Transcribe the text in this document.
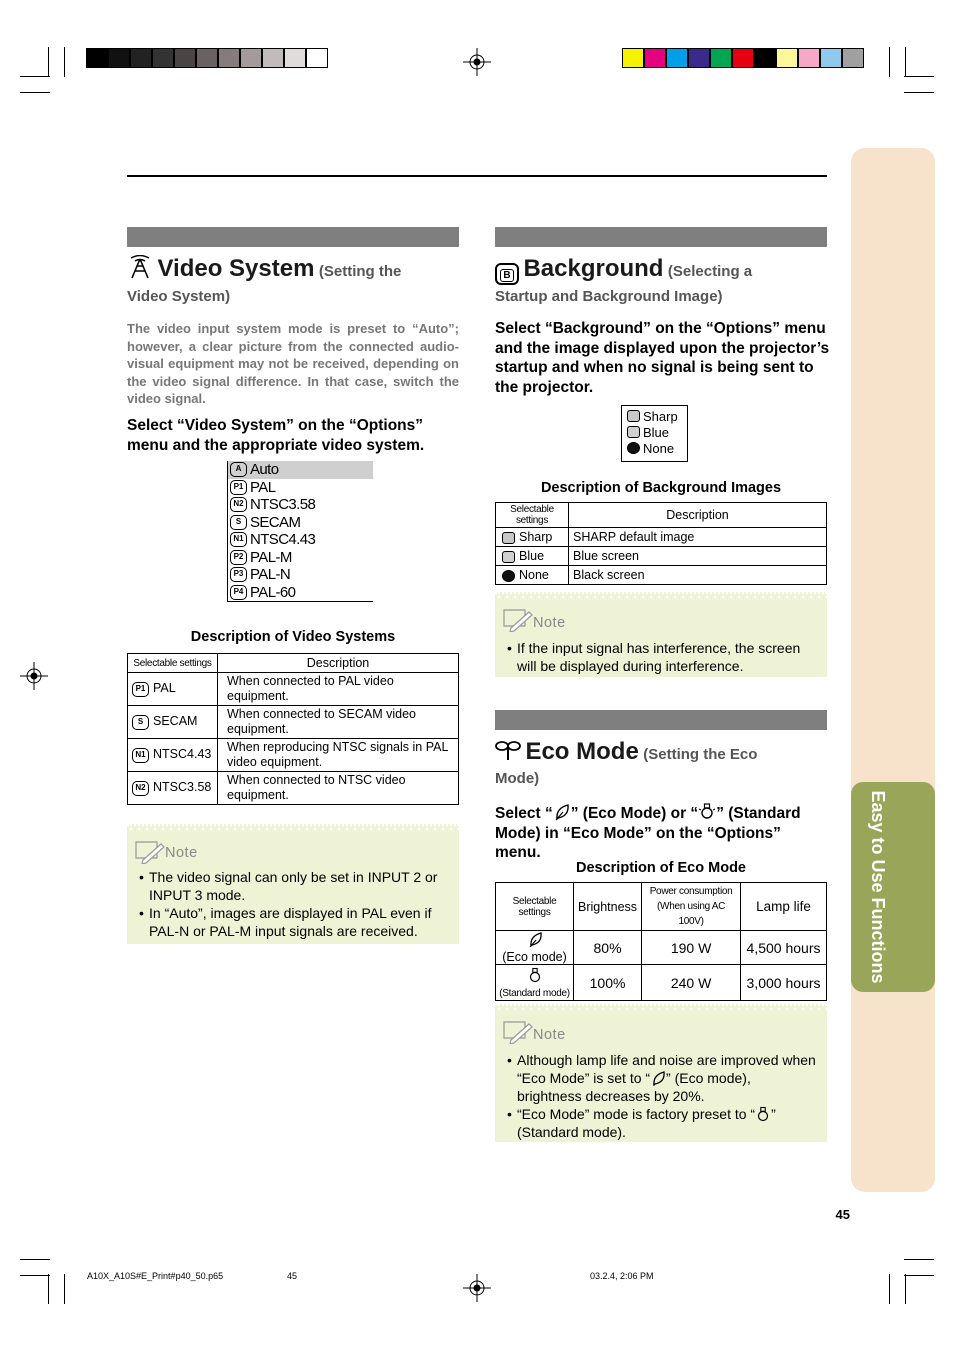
Easy to Use Functions
Video System (Setting the
Video System)
The video input system mode is preset to “Auto”; however, a clear picture from the connected audio-visual equipment may not be received, depending on the video signal difference. In that case, switch the video signal.
Select “Video System” on the “Options” menu and the appropriate video system.
A Auto
P1 PAL
N2 NTSC3.58
S SECAM
N1 NTSC4.43
P2 PAL-M
P3 PAL-N
P4 PAL-60
Description of Video Systems
Selectable settings	Description
P1 PAL	When connected to PAL video equipment.
S SECAM	When connected to SECAM video equipment.
N1 NTSC4.43	When reproducing NTSC signals in PAL video equipment.
N2 NTSC3.58	When connected to NTSC video equipment.
Note
• The video signal can only be set in INPUT 2 or INPUT 3 mode.
• In “Auto”, images are displayed in PAL even if PAL-N or PAL-M input signals are received.
B Background (Selecting a
Startup and Background Image)
Select “Background” on the “Options” menu and the image displayed upon the projector’s startup and when no signal is being sent to the projector.
Sharp
Blue
None
Description of Background Images
Selectable settings	Description
Sharp	SHARP default image
Blue	Blue screen
None	Black screen
Note
• If the input signal has interference, the screen will be displayed during interference.
Eco Mode (Setting the Eco
Mode)
Select “ ” (Eco Mode) or “ ” (Standard Mode) in “Eco Mode” on the “Options” menu.
Description of Eco Mode
Selectable settings	Brightness	Power consumption (When using AC 100V)	Lamp life

(Eco mode)	80%	190 W	4,500 hours

(Standard mode)	100%	240 W	3,000 hours
Note
• Although lamp life and noise are improved when “Eco Mode” is set to “ ” (Eco mode), brightness decreases by 20%.
• “Eco Mode” mode is factory preset to “ ” (Standard mode).
45
A10X_A10S#E_Print#p40_50.p65	45	03.2.4, 2:06 PM
